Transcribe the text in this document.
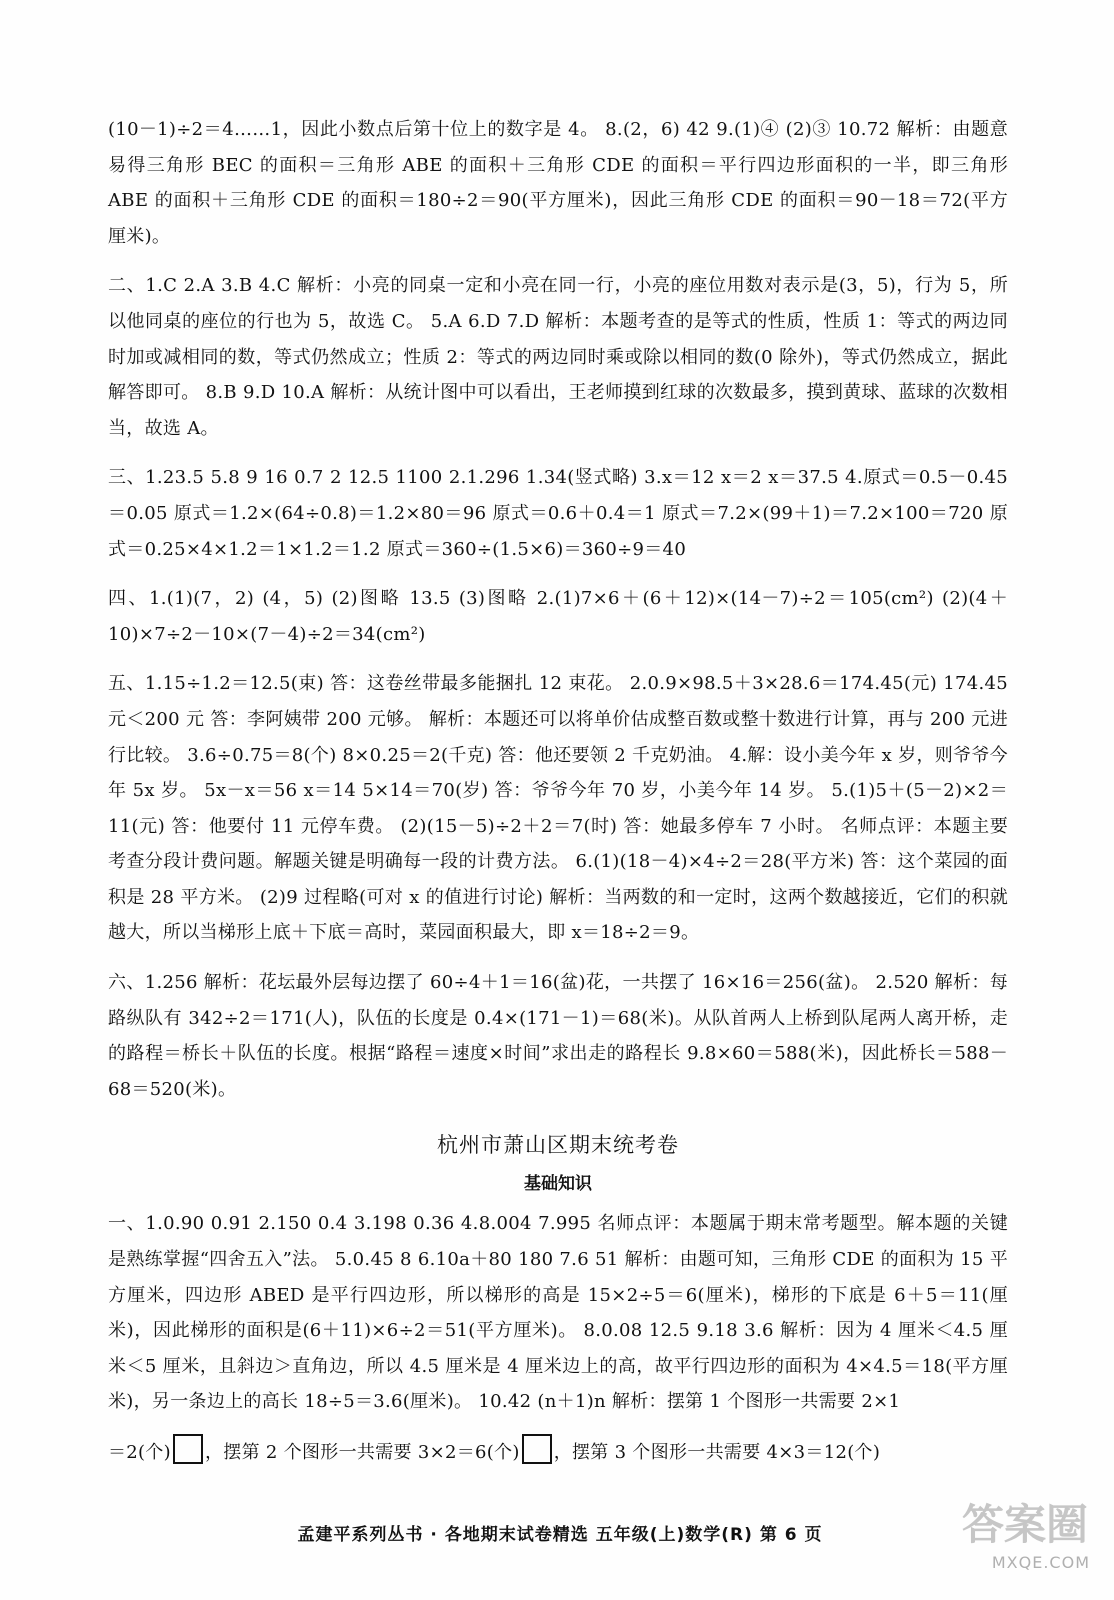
(10－1)÷2＝4……1，因此小数点后第十位上的数字是 4。 8.(2，6) 42 9.(1)④ (2)③ 10.72 解析：由题意易得三角形 BEC 的面积＝三角形 ABE 的面积＋三角形 CDE 的面积＝平行四边形面积的一半，即三角形 ABE 的面积＋三角形 CDE 的面积＝180÷2＝90(平方厘米)，因此三角形 CDE 的面积＝90－18＝72(平方厘米)。

二、1.C 2.A 3.B 4.C 解析：小亮的同桌一定和小亮在同一行，小亮的座位用数对表示是(3，5)，行为 5，所以他同桌的座位的行也为 5，故选 C。 5.A 6.D 7.D 解析：本题考查的是等式的性质，性质 1：等式的两边同时加或减相同的数，等式仍然成立；性质 2：等式的两边同时乘或除以相同的数(0 除外)，等式仍然成立，据此解答即可。 8.B 9.D 10.A 解析：从统计图中可以看出，王老师摸到红球的次数最多，摸到黄球、蓝球的次数相当，故选 A。

三、1.23.5 5.8 9 16 0.7 2 12.5 1100 2.1.296 1.34(竖式略) 3.x＝12 x＝2 x＝37.5 4.原式＝0.5－0.45＝0.05 原式＝1.2×(64÷0.8)＝1.2×80＝96 原式＝0.6＋0.4＝1 原式＝7.2×(99＋1)＝7.2×100＝720 原式＝0.25×4×1.2＝1×1.2＝1.2 原式＝360÷(1.5×6)＝360÷9＝40

四、1.(1)(7，2) (4，5) (2)图略 13.5 (3)图略 2.(1)7×6＋(6＋12)×(14－7)÷2＝105(cm²) (2)(4＋10)×7÷2－10×(7－4)÷2＝34(cm²)

五、1.15÷1.2＝12.5(束) 答：这卷丝带最多能捆扎 12 束花。 2.0.9×98.5＋3×28.6＝174.45(元) 174.45 元＜200 元 答：李阿姨带 200 元够。 解析：本题还可以将单价估成整百数或整十数进行计算，再与 200 元进行比较。 3.6÷0.75＝8(个) 8×0.25＝2(千克) 答：他还要领 2 千克奶油。 4.解：设小美今年 x 岁，则爷爷今年 5x 岁。 5x－x＝56 x＝14 5×14＝70(岁) 答：爷爷今年 70 岁，小美今年 14 岁。 5.(1)5＋(5－2)×2＝11(元) 答：他要付 11 元停车费。 (2)(15－5)÷2＋2＝7(时) 答：她最多停车 7 小时。 名师点评：本题主要考查分段计费问题。解题关键是明确每一段的计费方法。 6.(1)(18－4)×4÷2＝28(平方米) 答：这个菜园的面积是 28 平方米。 (2)9 过程略(可对 x 的值进行讨论) 解析：当两数的和一定时，这两个数越接近，它们的积就越大，所以当梯形上底＋下底＝高时，菜园面积最大，即 x＝18÷2＝9。

六、1.256 解析：花坛最外层每边摆了 60÷4＋1＝16(盆)花，一共摆了 16×16＝256(盆)。 2.520 解析：每路纵队有 342÷2＝171(人)，队伍的长度是 0.4×(171－1)＝68(米)。从队首两人上桥到队尾两人离开桥，走的路程＝桥长＋队伍的长度。根据“路程＝速度×时间”求出走的路程长 9.8×60＝588(米)，因此桥长＝588－68＝520(米)。

杭州市萧山区期末统考卷
基础知识

一、1.0.90 0.91 2.150 0.4 3.198 0.36 4.8.004 7.995 名师点评：本题属于期末常考题型。解本题的关键是熟练掌握“四舍五入”法。 5.0.45 8 6.10a＋80 180 7.6 51 解析：由题可知，三角形 CDE 的面积为 15 平方厘米，四边形 ABED 是平行四边形，所以梯形的高是 15×2÷5＝6(厘米)，梯形的下底是 6＋5＝11(厘米)，因此梯形的面积是(6＋11)×6÷2＝51(平方厘米)。 8.0.08 12.5 9.18 3.6 解析：因为 4 厘米＜4.5 厘米＜5 厘米，且斜边＞直角边，所以 4.5 厘米是 4 厘米边上的高，故平行四边形的面积为 4×4.5＝18(平方厘米)，另一条边上的高长 18÷5＝3.6(厘米)。 10.42 (n＋1)n 解析：摆第 1 个图形一共需要 2×1

＝2(个) ，摆第 2 个图形一共需要 3×2＝6(个) ，摆第 3 个图形一共需要 4×3＝12(个)

孟建平系列丛书 · 各地期末试卷精选 五年级(上)数学(R) 第 6 页	答案圈
MXQE.COM
